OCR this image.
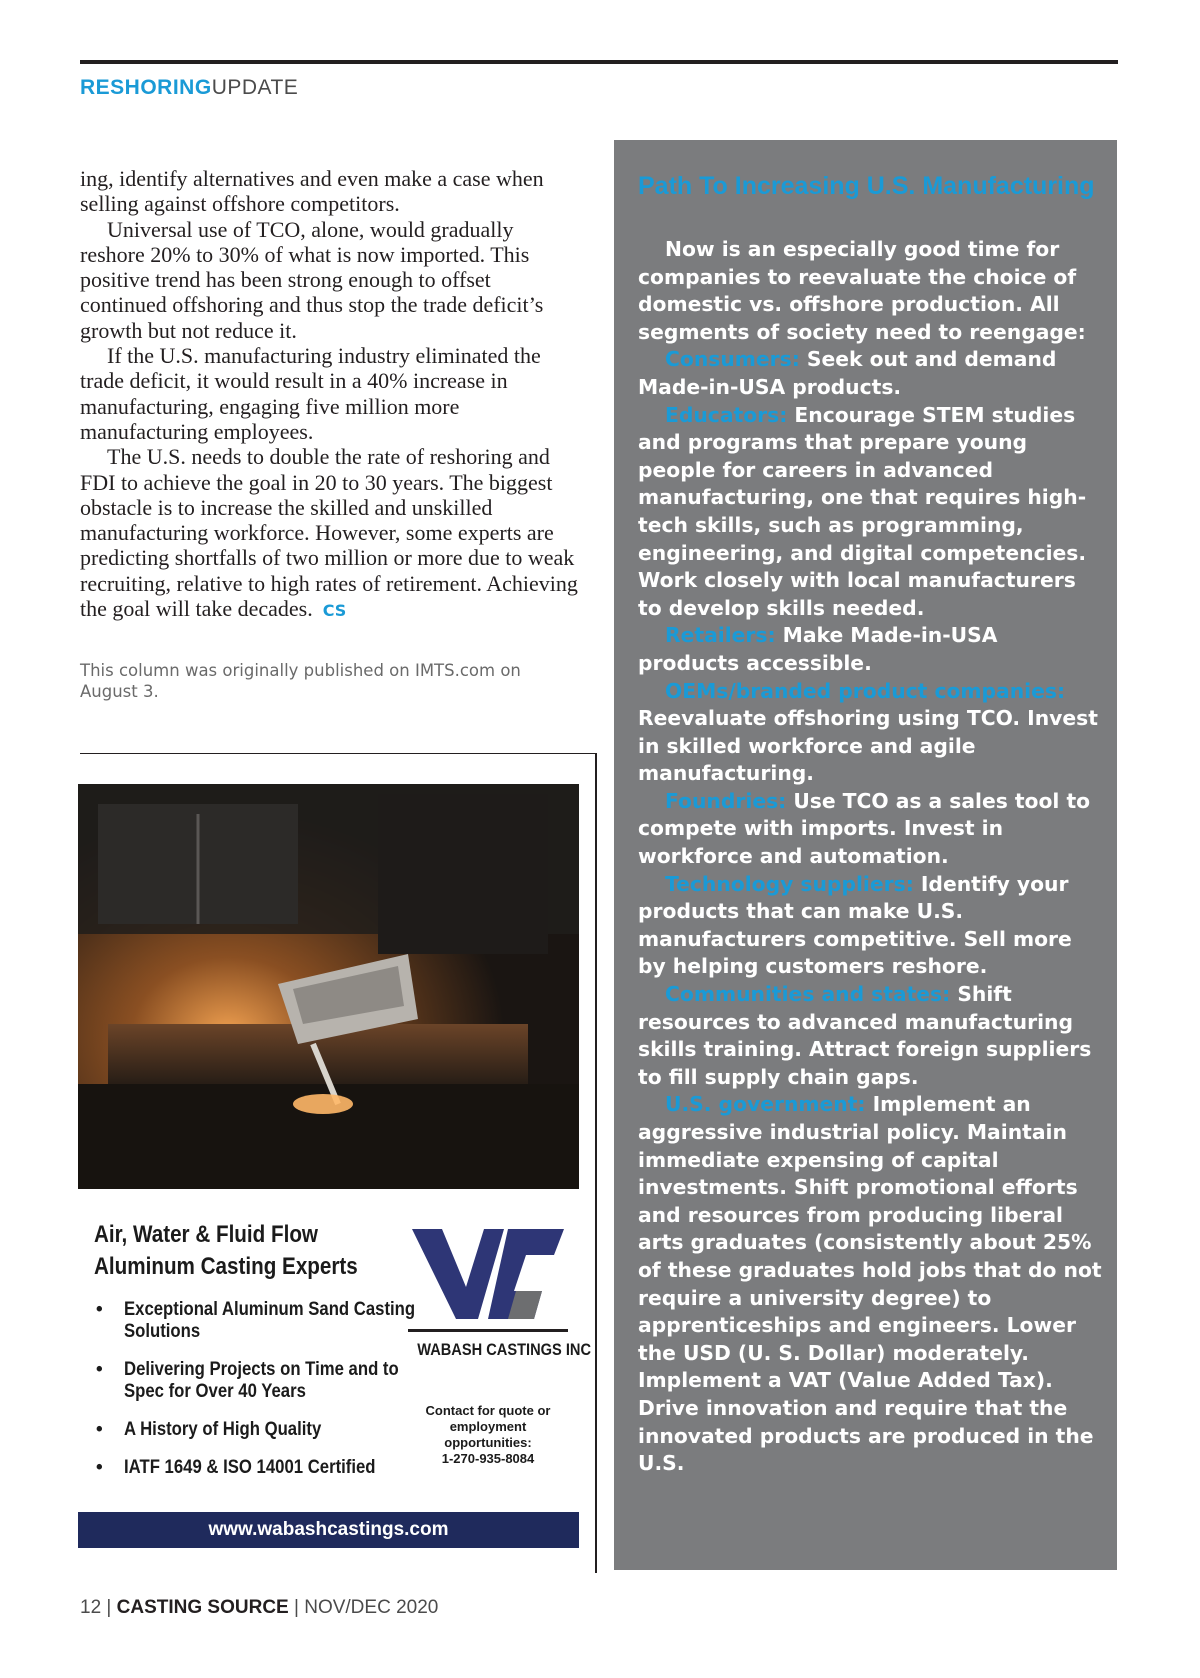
RESHORINGUPDATE

ing, identify alternatives and even make a case when selling against offshore competitors.

Universal use of TCO, alone, would gradually reshore 20% to 30% of what is now imported. This positive trend has been strong enough to offset continued offshoring and thus stop the trade deficit’s growth but not reduce it.

If the U.S. manufacturing industry eliminated the trade deficit, it would result in a 40% increase in manufacturing, engaging five million more manufacturing employees.

The U.S. needs to double the rate of reshoring and FDI to achieve the goal in 20 to 30 years. The biggest obstacle is to increase the skilled and unskilled manufacturing workforce. However, some experts are predicting shortfalls of two million or more due to weak recruiting, relative to high rates of retirement. Achieving the goal will take decades. CS

This column was originally published on IMTS.com on August 3.
Air, Water & Fluid Flow
Aluminum Casting Experts
• Exceptional Aluminum Sand Casting Solutions
• Delivering Projects on Time and to Spec for Over 40 Years
• A History of High Quality
• IATF 1649 & ISO 14001 Certified
WABASH CASTINGS INC
Contact for quote or
employment
opportunities:
1-270-935-8084
www.wabashcastings.com
Path To Increasing U.S. Manufacturing

Now is an especially good time for companies to reevaluate the choice of domestic vs. offshore production. All segments of society need to reengage:

Consumers: Seek out and demand Made-in-USA products.

Educators: Encourage STEM studies and programs that prepare young people for careers in advanced manufacturing, one that requires high-tech skills, such as programming, engineering, and digital competencies. Work closely with local manufacturers to develop skills needed.

Retailers: Make Made-in-USA products accessible.

OEMs/branded product companies: Reevaluate offshoring using TCO. Invest in skilled workforce and agile manufacturing.

Foundries: Use TCO as a sales tool to compete with imports. Invest in workforce and automation.

Technology suppliers: Identify your products that can make U.S. manufacturers competitive. Sell more by helping customers reshore.

Communities and states: Shift resources to advanced manufacturing skills training. Attract foreign suppliers to fill supply chain gaps.

U.S. government: Implement an aggressive industrial policy. Maintain immediate expensing of capital investments. Shift promotional efforts and resources from producing liberal arts graduates (consistently about 25% of these graduates hold jobs that do not require a university degree) to apprenticeships and engineers. Lower the USD (U. S. Dollar) moderately. Implement a VAT (Value Added Tax). Drive innovation and require that the innovated products are produced in the U.S.

12 | CASTING SOURCE | NOV/DEC 2020
